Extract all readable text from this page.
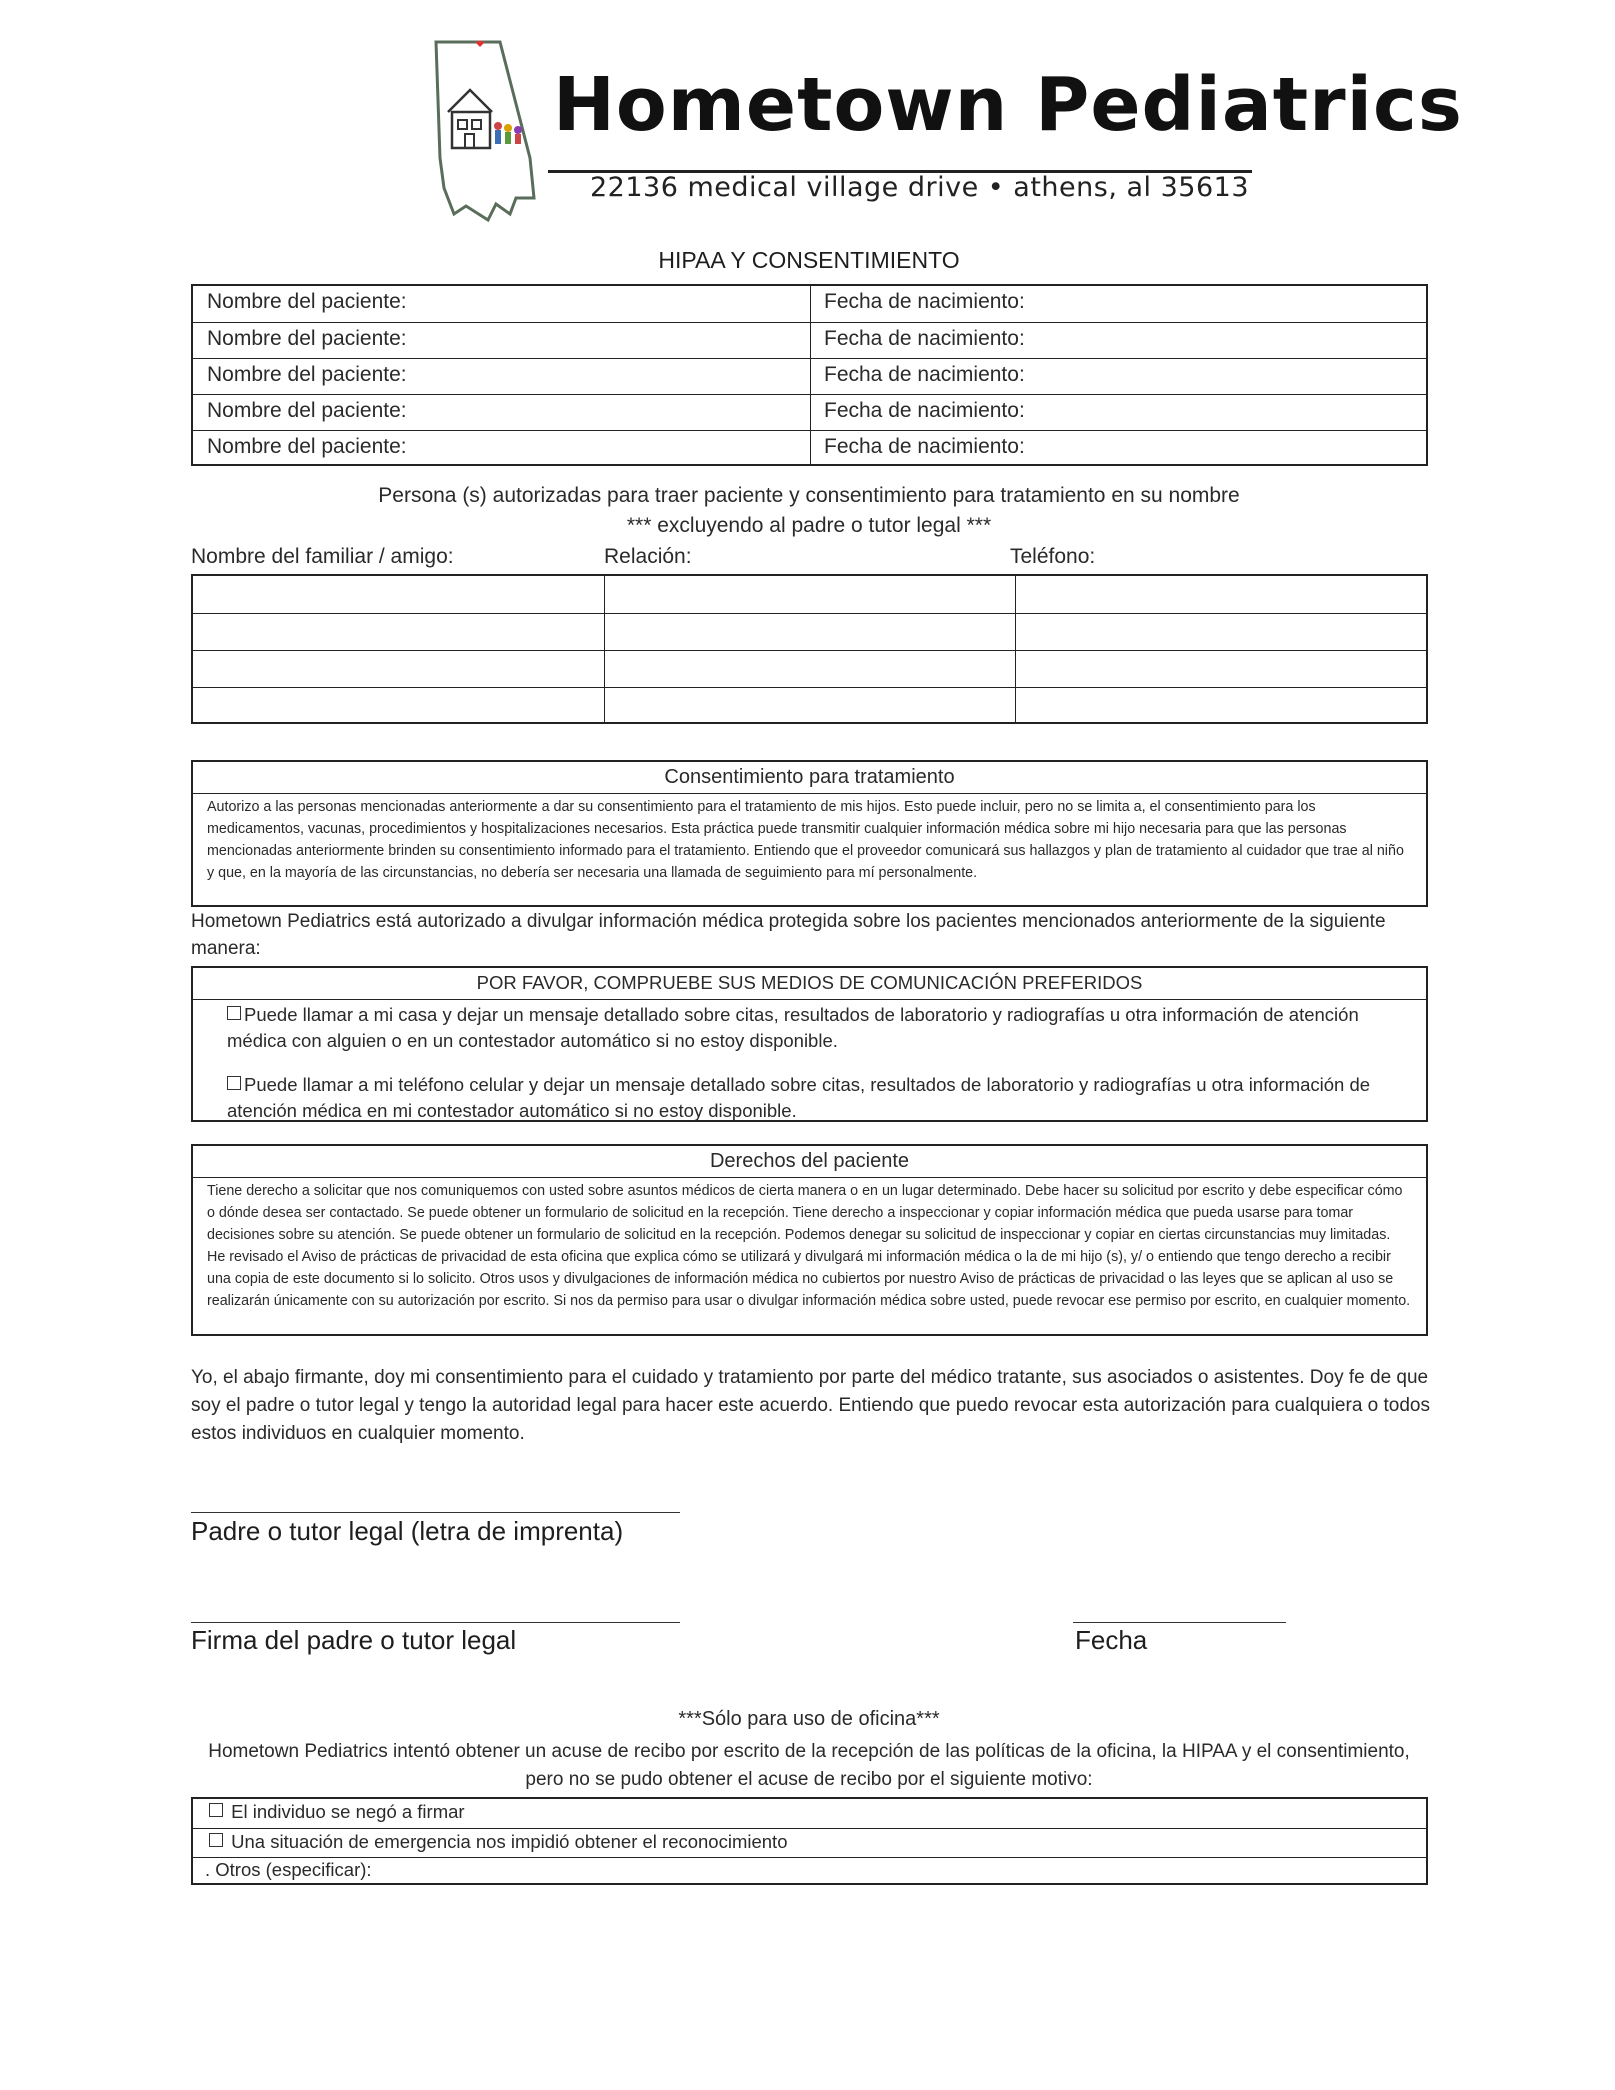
Hometown Pediatrics
22136 medical village drive • athens, al 35613
HIPAA Y CONSENTIMIENTO
Nombre del paciente:	Fecha de nacimiento:
Nombre del paciente:	Fecha de nacimiento:
Nombre del paciente:	Fecha de nacimiento:
Nombre del paciente:	Fecha de nacimiento:
Nombre del paciente:	Fecha de nacimiento:
Persona (s) autorizadas para traer paciente y consentimiento para tratamiento en su nombre
*** excluyendo al padre o tutor legal ***
Nombre del familiar / amigo:	Relación:	Teléfono:
Consentimiento para tratamiento
Autorizo a las personas mencionadas anteriormente a dar su consentimiento para el tratamiento de mis hijos. Esto puede incluir, pero no se limita a, el consentimiento para los medicamentos, vacunas, procedimientos y hospitalizaciones necesarios. Esta práctica puede transmitir cualquier información médica sobre mi hijo necesaria para que las personas mencionadas anteriormente brinden su consentimiento informado para el tratamiento. Entiendo que el proveedor comunicará sus hallazgos y plan de tratamiento al cuidador que trae al niño y que, en la mayoría de las circunstancias, no debería ser necesaria una llamada de seguimiento para mí personalmente.
Hometown Pediatrics está autorizado a divulgar información médica protegida sobre los pacientes mencionados anteriormente de la siguiente manera:
POR FAVOR, COMPRUEBE SUS MEDIOS DE COMUNICACIÓN PREFERIDOS
Puede llamar a mi casa y dejar un mensaje detallado sobre citas, resultados de laboratorio y radiografías u otra información de atención médica con alguien o en un contestador automático si no estoy disponible.
Puede llamar a mi teléfono celular y dejar un mensaje detallado sobre citas, resultados de laboratorio y radiografías u otra información de atención médica en mi contestador automático si no estoy disponible.
Derechos del paciente
Tiene derecho a solicitar que nos comuniquemos con usted sobre asuntos médicos de cierta manera o en un lugar determinado. Debe hacer su solicitud por escrito y debe especificar cómo o dónde desea ser contactado. Se puede obtener un formulario de solicitud en la recepción. Tiene derecho a inspeccionar y copiar información médica que pueda usarse para tomar decisiones sobre su atención. Se puede obtener un formulario de solicitud en la recepción. Podemos denegar su solicitud de inspeccionar y copiar en ciertas circunstancias muy limitadas. He revisado el Aviso de prácticas de privacidad de esta oficina que explica cómo se utilizará y divulgará mi información médica o la de mi hijo (s), y/ o entiendo que tengo derecho a recibir una copia de este documento si lo solicito. Otros usos y divulgaciones de información médica no cubiertos por nuestro Aviso de prácticas de privacidad o las leyes que se aplican al uso se realizarán únicamente con su autorización por escrito. Si nos da permiso para usar o divulgar información médica sobre usted, puede revocar ese permiso por escrito, en cualquier momento.
Yo, el abajo firmante, doy mi consentimiento para el cuidado y tratamiento por parte del médico tratante, sus asociados o asistentes. Doy fe de que soy el padre o tutor legal y tengo la autoridad legal para hacer este acuerdo. Entiendo que puedo revocar esta autorización para cualquiera o todos estos individuos en cualquier momento.
Padre o tutor legal (letra de imprenta)
Firma del padre o tutor legal	Fecha
***Sólo para uso de oficina***
Hometown Pediatrics intentó obtener un acuse de recibo por escrito de la recepción de las políticas de la oficina, la HIPAA y el consentimiento, pero no se pudo obtener el acuse de recibo por el siguiente motivo:
El individuo se negó a firmar
Una situación de emergencia nos impidió obtener el reconocimiento
. Otros (especificar):
